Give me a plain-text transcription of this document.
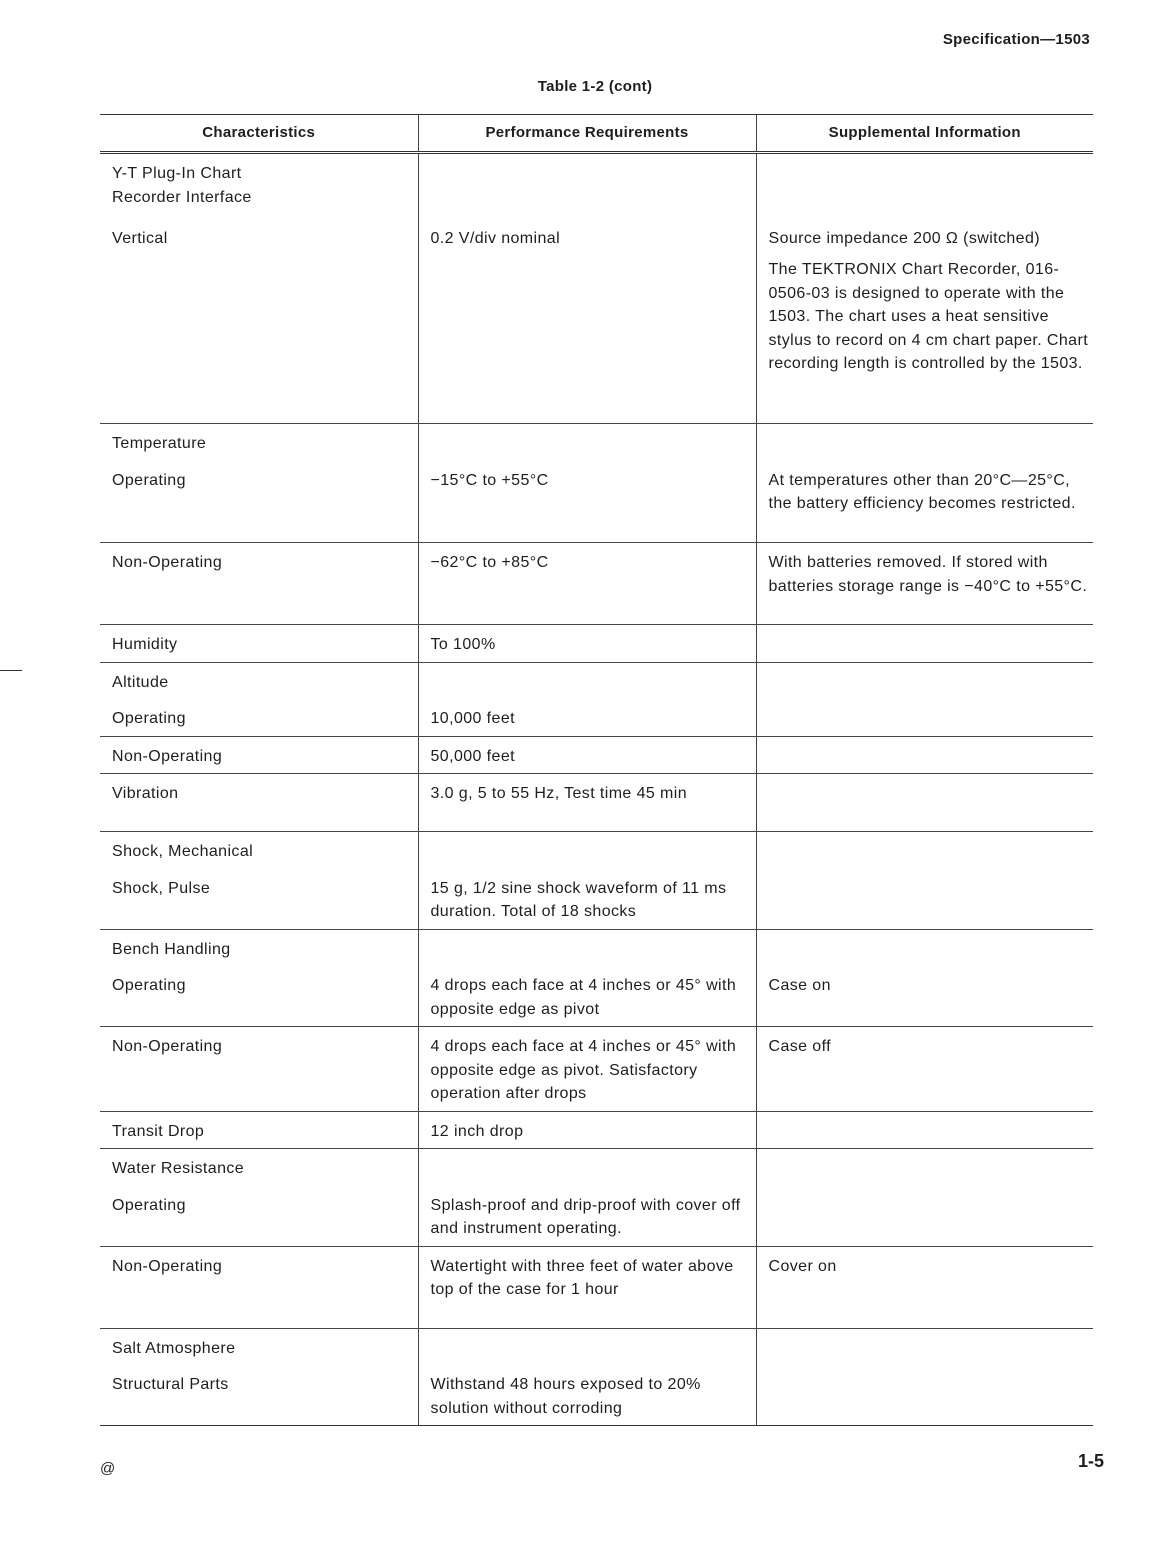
Specification—1503
Table 1-2 (cont)
Characteristics	Performance Requirements	Supplemental Information
Y-T Plug-In Chart Recorder Interface		
Vertical	0.2 V/div nominal	Source impedance 200 Ω (switched)

The TEKTRONIX Chart Recorder, 016-0506-03 is designed to operate with the 1503. The chart uses a heat sensitive stylus to record on 4 cm chart paper. Chart recording length is controlled by the 1503.

Temperature		
Operating	−15°C to +55°C	At temperatures other than 20°C—25°C, the battery efficiency becomes restricted.

Non-Operating	−62°C to +85°C	With batteries removed. If stored with batteries storage range is −40°C to +55°C.

Humidity	To 100%	
Altitude		
Operating	10,000 feet	
Non-Operating	50,000 feet	
Vibration	3.0 g, 5 to 55 Hz, Test time 45 min	
Shock, Mechanical		
Shock, Pulse	15 g, 1/2 sine shock waveform of 11 ms duration. Total of 18 shocks	
Bench Handling		
Operating	4 drops each face at 4 inches or 45° with opposite edge as pivot	Case on

Non-Operating	4 drops each face at 4 inches or 45° with opposite edge as pivot. Satisfactory operation after drops	Case off

Transit Drop	12 inch drop	
Water Resistance		
Operating	Splash-proof and drip-proof with cover off and instrument operating.	
Non-Operating	Watertight with three feet of water above top of the case for 1 hour	Cover on

Salt Atmosphere		
Structural Parts	Withstand 48 hours exposed to 20% solution without corroding	
@	1-5
